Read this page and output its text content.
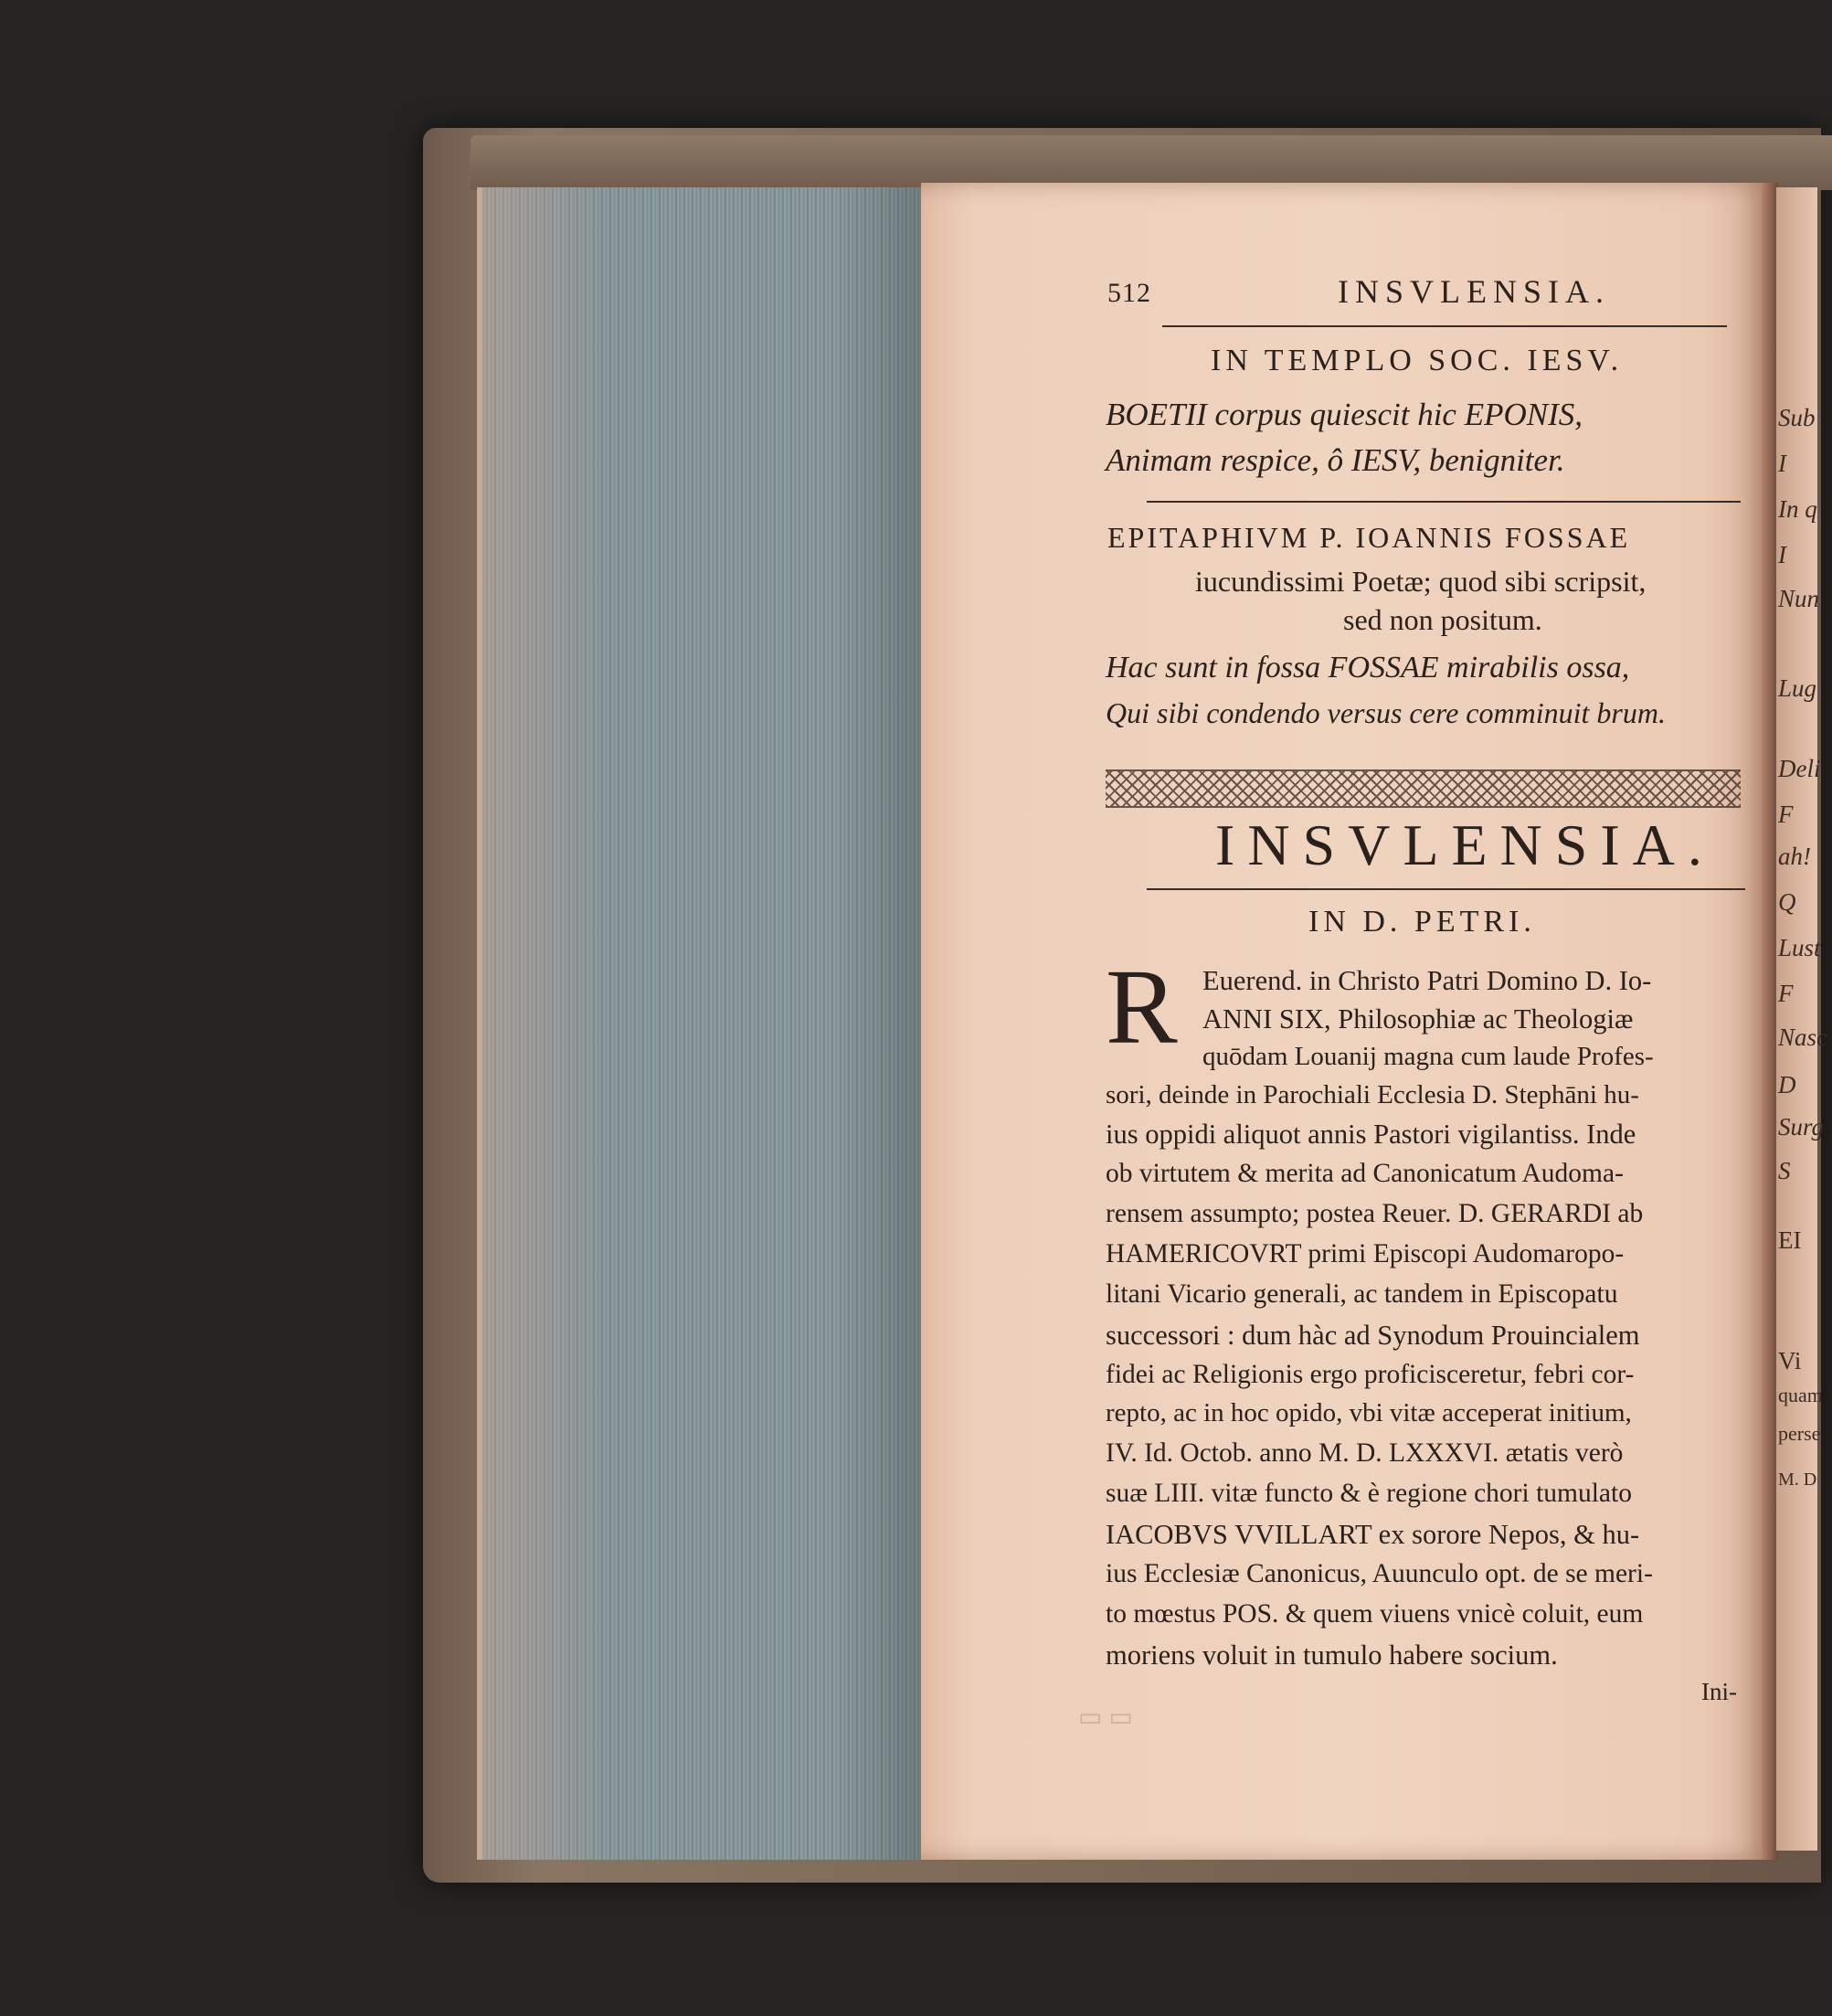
512	INSVLENSIA.
IN TEMPLO SOC. IESV.
BOETII corpus quiescit hic EPONIS,
Animam respice, ô IESV, benigniter.
EPITAPHIVM P. IOANNIS FOSSAE
iucundissimi Poetæ; quod sibi scripsit,
sed non positum.
Hac sunt in fossa FOSSAE mirabilis ossa,
Qui sibi condendo versus cere comminuit brum.
INSVLENSIA.
IN D. PETRI.
R Euerend. in Christo Patri Domino D. Io-
ANNI SIX, Philosophiæ ac Theologiæ
quōdam Louanij magna cum laude Profes-
sori, deinde in Parochiali Ecclesia D. Stephāni hu-
ius oppidi aliquot annis Pastori vigilantiss. Inde
ob virtutem & merita ad Canonicatum Audoma-
rensem assumpto; postea Reuer. D. GERARDI ab
HAMERICOVRT primi Episcopi Audomaropo-
litani Vicario generali, ac tandem in Episcopatu
successori : dum hàc ad Synodum Prouincialem
fidei ac Religionis ergo proficisceretur, febri cor-
repto, ac in hoc opido, vbi vitæ acceperat initium,
IV. Id. Octob. anno M. D. LXXXVI. ætatis verò
suæ LIII. vitæ functo & è regione chori tumulato
IACOBVS VVILLART ex sorore Nepos, & hu-
ius Ecclesiæ Canonicus, Auunculo opt. de se meri-
to mœstus POS. & quem viuens vnicè coluit, eum
moriens voluit in tumulo habere socium.
Ini-
▭ ▭
Sub
I
In q
I
Nun
Lug
Deli
F
ah!
Q
Lust
F
Nasc
D
Surg
S
EI
Vi
quam
perse
M. D
